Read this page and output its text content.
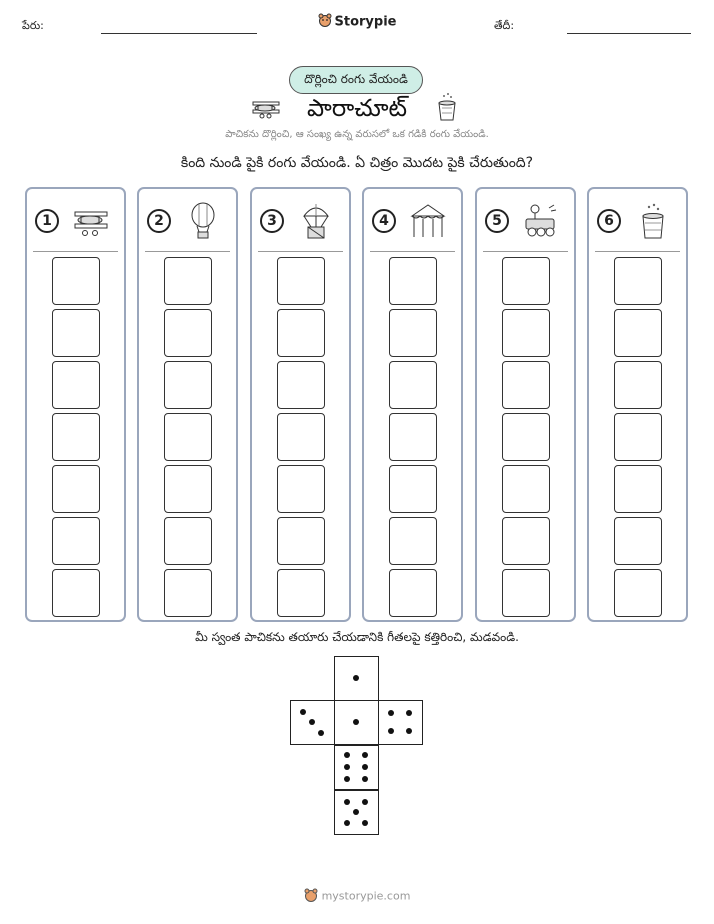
పేరు:	Storypie	తేదీ:
దొర్లించి రంగు వేయండి
పారాచూట్
పాచికను దొర్లించి, ఆ సంఖ్య ఉన్న వరుసలో ఒక గడికి రంగు వేయండి.
కింది నుండి పైకి రంగు వేయండి. ఏ చిత్రం మొదట పైకి చేరుతుంది?
1	2	3	4	5	6
మీ స్వంత పాచికను తయారు చేయడానికి గీతలపై కత్తిరించి, మడవండి.
mystorypie.com
